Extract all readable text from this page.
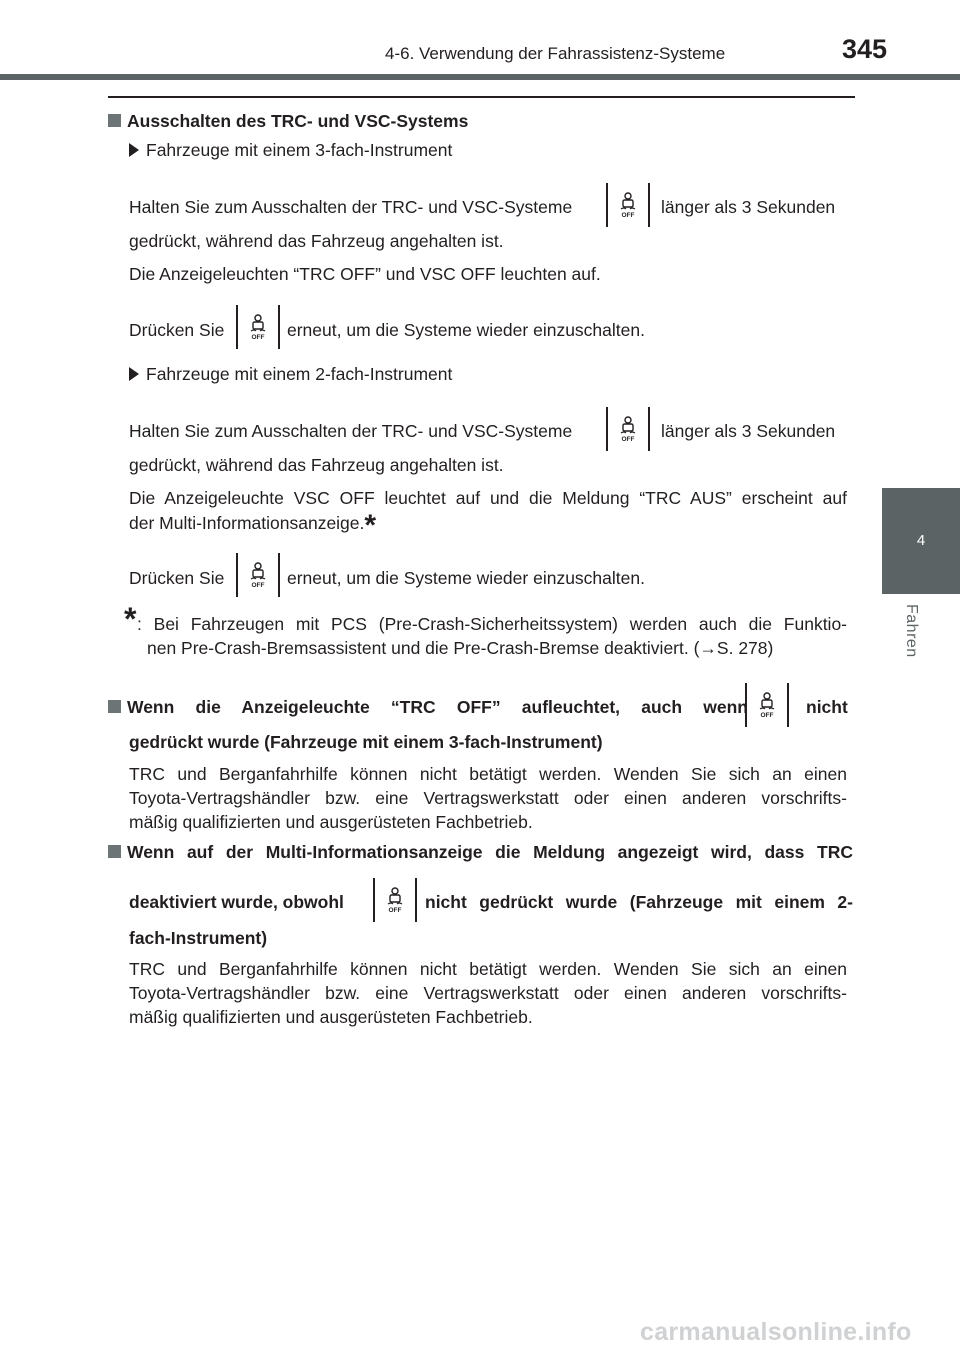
4-6. Verwendung der Fahrassistenz-Systeme	345
4
Fahren
Ausschalten des TRC- und VSC-Systems
Fahrzeuge mit einem 3-fach-Instrument
Halten Sie zum Ausschalten der TRC- und VSC-Systeme	OFF länger als 3 Sekunden
gedrückt, während das Fahrzeug angehalten ist.
Die Anzeigeleuchten “TRC OFF” und VSC OFF leuchten auf.
Drücken Sie	OFF erneut, um die Systeme wieder einzuschalten.
Fahrzeuge mit einem 2-fach-Instrument
Halten Sie zum Ausschalten der TRC- und VSC-Systeme	OFF länger als 3 Sekunden
gedrückt, während das Fahrzeug angehalten ist.
Die Anzeigeleuchte VSC OFF leuchtet auf und die Meldung “TRC AUS” erscheint auf
der Multi-Informationsanzeige.*
Drücken Sie	OFF erneut, um die Systeme wieder einzuschalten.
* : Bei Fahrzeugen mit PCS (Pre-Crash-Sicherheitssystem) werden auch die Funktio-
nen Pre-Crash-Bremsassistent und die Pre-Crash-Bremse deaktiviert. (→S. 278)
Wenn die Anzeigeleuchte “TRC OFF” aufleuchtet, auch wenn OFF nicht
gedrückt wurde (Fahrzeuge mit einem 3-fach-Instrument)
TRC und Berganfahrhilfe können nicht betätigt werden. Wenden Sie sich an einen
Toyota-Vertragshändler bzw. eine Vertragswerkstatt oder einen anderen vorschrifts-
mäßig qualifizierten und ausgerüsteten Fachbetrieb.
Wenn auf der Multi-Informationsanzeige die Meldung angezeigt wird, dass TRC
deaktiviert wurde, obwohl	OFF nicht gedrückt wurde (Fahrzeuge mit einem 2-
fach-Instrument)
TRC und Berganfahrhilfe können nicht betätigt werden. Wenden Sie sich an einen
Toyota-Vertragshändler bzw. eine Vertragswerkstatt oder einen anderen vorschrifts-
mäßig qualifizierten und ausgerüsteten Fachbetrieb.
carmanualsonline.info
